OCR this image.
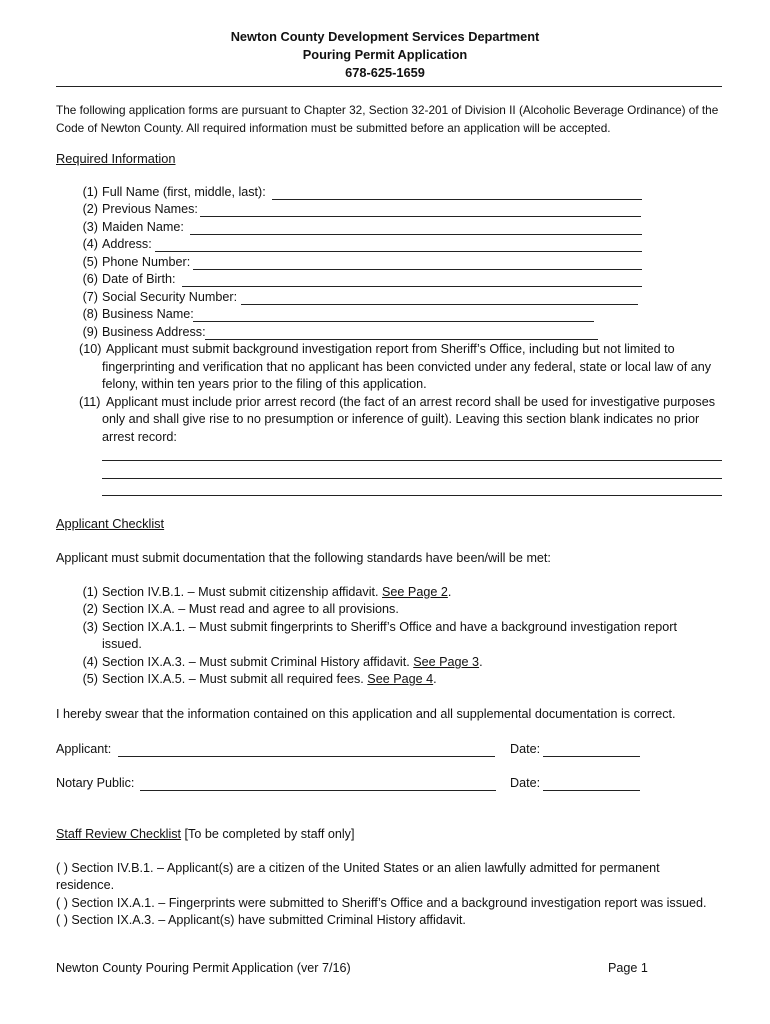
Newton County Development Services Department
Pouring Permit Application
678-625-1659
The following application forms are pursuant to Chapter 32, Section 32-201 of Division II (Alcoholic Beverage Ordinance) of the
Code of Newton County. All required information must be submitted before an application will be accepted.
Required Information
(1) Full Name (first, middle, last):
(2) Previous Names:
(3) Maiden Name:
(4) Address:
(5) Phone Number:
(6) Date of Birth:
(7) Social Security Number:
(8) Business Name:
(9) Business Address:
(10) Applicant must submit background investigation report from Sheriff’s Office, including but not limited to
fingerprinting and verification that no applicant has been convicted under any federal, state or local law of any
felony, within ten years prior to the filing of this application.
(11) Applicant must include prior arrest record (the fact of an arrest record shall be used for investigative purposes
only and shall give rise to no presumption or inference of guilt). Leaving this section blank indicates no prior
arrest record:
Applicant Checklist
Applicant must submit documentation that the following standards have been/will be met:
(1) Section IV.B.1. – Must submit citizenship affidavit. See Page 2.
(2) Section IX.A. – Must read and agree to all provisions.
(3) Section IX.A.1. – Must submit fingerprints to Sheriff’s Office and have a background investigation report
issued.
(4) Section IX.A.3. – Must submit Criminal History affidavit. See Page 3.
(5) Section IX.A.5. – Must submit all required fees. See Page 4.
I hereby swear that the information contained on this application and all supplemental documentation is correct.
Applicant:	Date:
Notary Public:	Date:
Staff Review Checklist [To be completed by staff only]
( ) Section IV.B.1. – Applicant(s) are a citizen of the United States or an alien lawfully admitted for permanent
residence.
( ) Section IX.A.1. – Fingerprints were submitted to Sheriff’s Office and a background investigation report was issued.
( ) Section IX.A.3. – Applicant(s) have submitted Criminal History affidavit.
Newton County Pouring Permit Application (ver 7/16)	Page 1
